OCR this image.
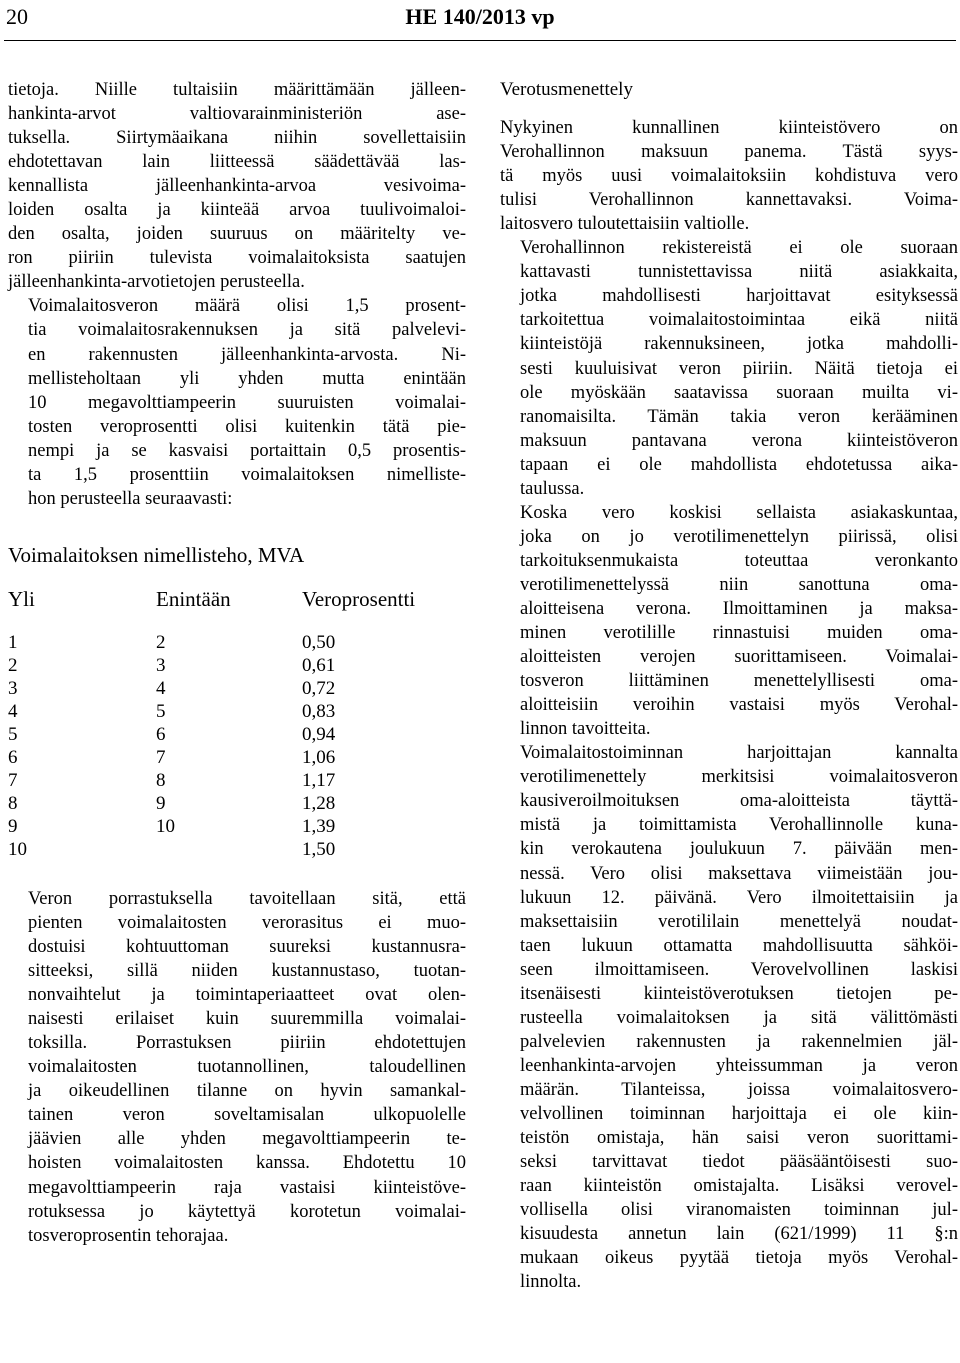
20	HE 140/2013 vp

tietoja. Niille tultaisiin määrittämään jälleen-
hankinta-arvot valtiovarainministeriön ase-
tuksella. Siirtymäaikana niihin sovellettaisiin
ehdotettavan lain liitteessä säädettävää las-
kennallista jälleenhankinta-arvoa vesivoima-
loiden osalta ja kiinteää arvoa tuulivoimaloi-
den osalta, joiden suuruus on määritelty ve-
ron piiriin tulevista voimalaitoksista saatujen
jälleenhankinta-arvotietojen perusteella.

Voimalaitosveron määrä olisi 1,5 prosent-
tia voimalaitosrakennuksen ja sitä palvelevi-
en rakennusten jälleenhankinta-arvosta. Ni-
mellisteholtaan yli yhden mutta enintään
10 megavolttiampeerin suuruisten voimalai-
tosten veroprosentti olisi kuitenkin tätä pie-
nempi ja se kasvaisi portaittain 0,5 prosentis-
ta 1,5 prosenttiin voimalaitoksen nimelliste-
hon perusteella seuraavasti:

Voimalaitoksen nimellisteho, MVA
Yli	Enintään	Veroprosentti
1	2	0,50
2	3	0,61
3	4	0,72
4	5	0,83
5	6	0,94
6	7	1,06
7	8	1,17
8	9	1,28
9	10	1,39
10		1,50

Veron porrastuksella tavoitellaan sitä, että
pienten voimalaitosten verorasitus ei muo-
dostuisi kohtuuttoman suureksi kustannusra-
sitteeksi, sillä niiden kustannustaso, tuotan-
nonvaihtelut ja toimintaperiaatteet ovat olen-
naisesti erilaiset kuin suuremmilla voimalai-
toksilla. Porrastuksen piiriin ehdotettujen
voimalaitosten tuotannollinen, taloudellinen
ja oikeudellinen tilanne on hyvin samankal-
tainen veron soveltamisalan ulkopuolelle
jäävien alle yhden megavolttiampeerin te-
hoisten voimalaitosten kanssa. Ehdotettu 10
megavolttiampeerin raja vastaisi kiinteistöve-
rotuksessa jo käytettyä korotetun voimalai-
tosveroprosentin tehorajaa.

Verotusmenettely

Nykyinen kunnallinen kiinteistövero on
Verohallinnon maksuun panema. Tästä syys-
tä myös uusi voimalaitoksiin kohdistuva vero
tulisi Verohallinnon kannettavaksi. Voima-
laitosvero tuloutettaisiin valtiolle.

Verohallinnon rekistereistä ei ole suoraan
kattavasti tunnistettavissa niitä asiakkaita,
jotka mahdollisesti harjoittavat esityksessä
tarkoitettua voimalaitostoimintaa eikä niitä
kiinteistöjä rakennuksineen, jotka mahdolli-
sesti kuuluisivat veron piiriin. Näitä tietoja ei
ole myöskään saatavissa suoraan muilta vi-
ranomaisilta. Tämän takia veron kerääminen
maksuun pantavana verona kiinteistöveron
tapaan ei ole mahdollista ehdotetussa aika-
taulussa.

Koska vero koskisi sellaista asiakaskuntaa,
joka on jo verotilimenettelyn piirissä, olisi
tarkoituksenmukaista toteuttaa veronkanto
verotilimenettelyssä niin sanottuna oma-
aloitteisena verona. Ilmoittaminen ja maksa-
minen verotilille rinnastuisi muiden oma-
aloitteisten verojen suorittamiseen. Voimalai-
tosveron liittäminen menettelyllisesti oma-
aloitteisiin veroihin vastaisi myös Verohal-
linnon tavoitteita.

Voimalaitostoiminnan harjoittajan kannalta
verotilimenettely merkitsisi voimalaitosveron
kausiveroilmoituksen oma-aloitteista täyttä-
mistä ja toimittamista Verohallinnolle kuna-
kin verokautena joulukuun 7. päivään men-
nessä. Vero olisi maksettava viimeistään jou-
lukuun 12. päivänä. Vero ilmoitettaisiin ja
maksettaisiin verotililain menettelyä noudat-
taen lukuun ottamatta mahdollisuutta sähköi-
seen ilmoittamiseen. Verovelvollinen laskisi
itsenäisesti kiinteistöverotuksen tietojen pe-
rusteella voimalaitoksen ja sitä välittömästi
palvelevien rakennusten ja rakennelmien jäl-
leenhankinta-arvojen yhteissumman ja veron
määrän. Tilanteissa, joissa voimalaitosvero-
velvollinen toiminnan harjoittaja ei ole kiin-
teistön omistaja, hän saisi veron suorittami-
seksi tarvittavat tiedot pääsääntöisesti suo-
raan kiinteistön omistajalta. Lisäksi verovel-
vollisella olisi viranomaisten toiminnan jul-
kisuudesta annetun lain (621/1999) 11 §:n
mukaan oikeus pyytää tietoja myös Verohal-
linnolta.
